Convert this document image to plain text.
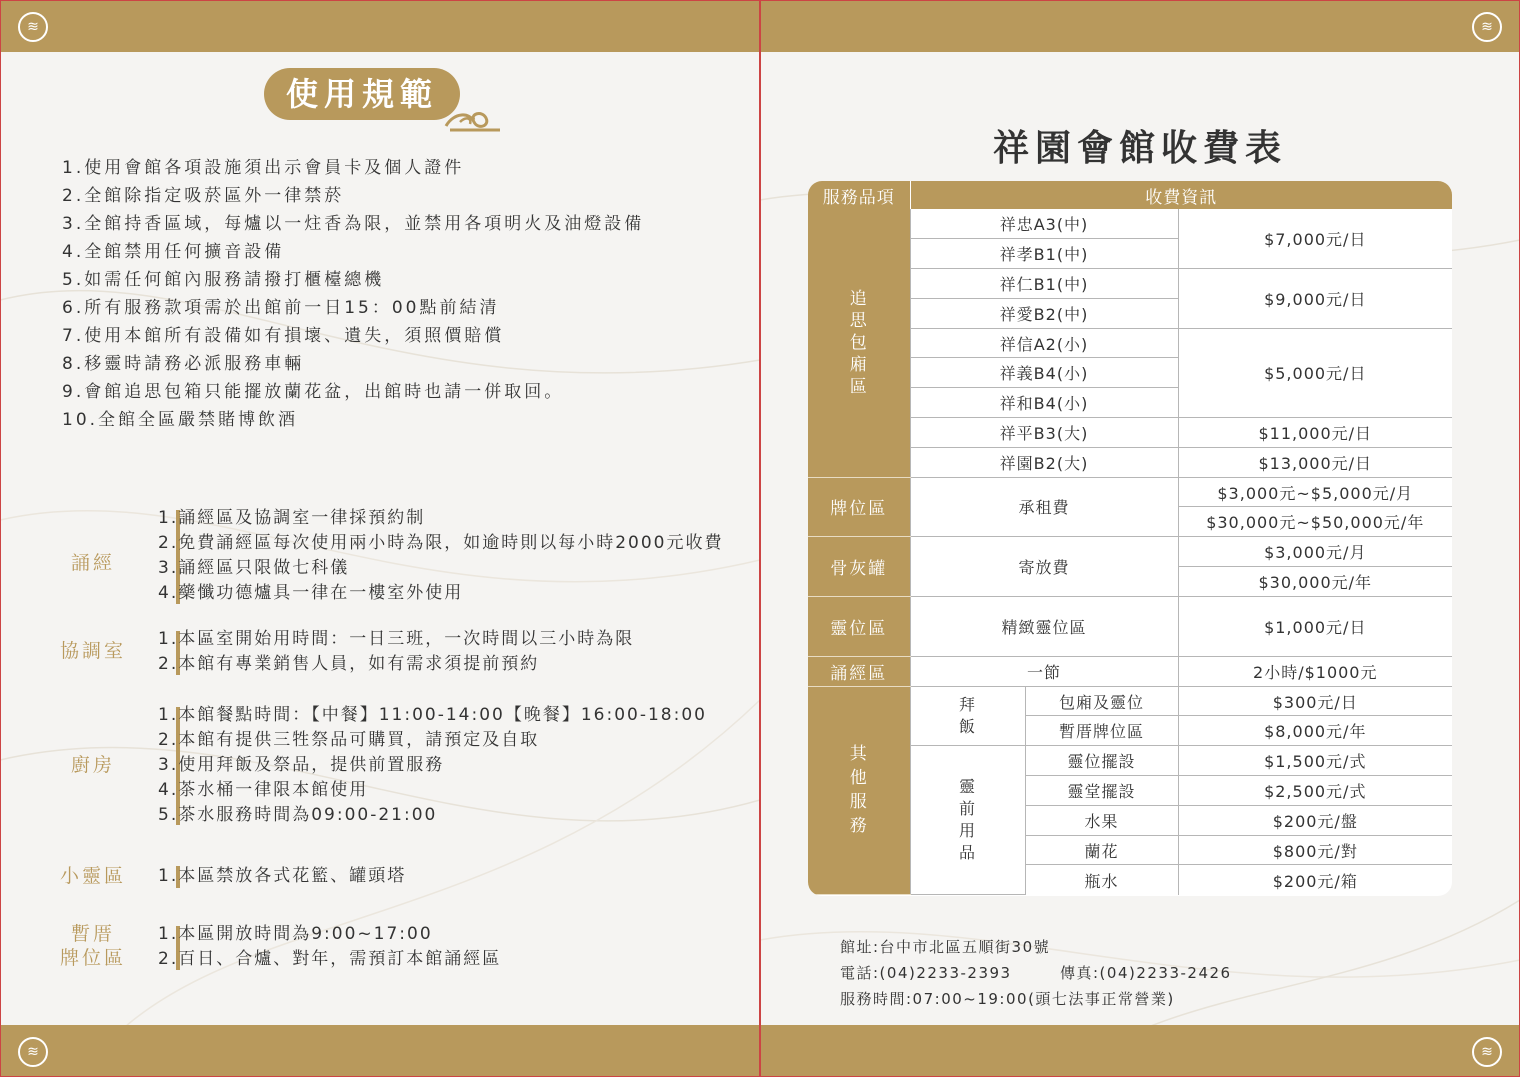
≋
≋
使用規範
1.使用會館各項設施須出示會員卡及個人證件
2.全館除指定吸菸區外一律禁菸
3.全館持香區域，每爐以一炷香為限，並禁用各項明火及油燈設備
4.全館禁用任何擴音設備
5.如需任何館內服務請撥打櫃檯總機
6.所有服務款項需於出館前一日15：00點前結清
7.使用本館所有設備如有損壞、遺失，須照價賠償
8.移靈時請務必派服務車輛
9.會館追思包箱只能擺放蘭花盆，出館時也請一併取回。
10.全館全區嚴禁賭博飲酒
誦經
1.誦經區及協調室一律採預約制
2.免費誦經區每次使用兩小時為限，如逾時則以每小時2000元收費
3.誦經區只限做七科儀
4.藥懺功德爐具一律在一樓室外使用
協調室
1.本區室開始用時間：一日三班，一次時間以三小時為限
2.本館有專業銷售人員，如有需求須提前預約
廚房
1.本館餐點時間：【中餐】11:00-14:00【晚餐】16:00-18:00
2.本館有提供三牲祭品可購買，請預定及自取
3.使用拜飯及祭品，提供前置服務
4.茶水桶一律限本館使用
5.茶水服務時間為09:00-21:00
小靈區	1.本區禁放各式花籃、罐頭塔
暫厝
牌位區
1.本區開放時間為9:00~17:00
2.百日、合爐、對年，需預訂本館誦經區
≋
≋
祥園會館收費表
服務品項	收費資訊		
追思包廂區	祥忠A3(中)		$7,000元/日
	祥孝B1(中)		
	祥仁B1(中)		$9,000元/日
	祥愛B2(中)		
	祥信A2(小)		$5,000元/日
	祥義B4(小)		
	祥和B4(小)		
	祥平B3(大)		$11,000元/日
	祥園B2(大)		$13,000元/日
牌位區	承租費		$3,000元~$5,000元/月
			$30,000元~$50,000元/年
骨灰罐	寄放費		$3,000元/月
			$30,000元/年
靈位區	精緻靈位區		$1,000元/日
誦經區	一節		2小時/$1000元
其他服務	拜飯	包廂及靈位	$300元/日
		暫厝牌位區	$8,000元/年
	靈前用品	靈位擺設	$1,500元/式
		靈堂擺設	$2,500元/式
		水果	$200元/盤
		蘭花	$800元/對
		瓶水	$200元/箱
館址:台中市北區五順街30號
電話:(04)2233-2393	傳真:(04)2233-2426
服務時間:07:00~19:00(頭七法事正常營業)
